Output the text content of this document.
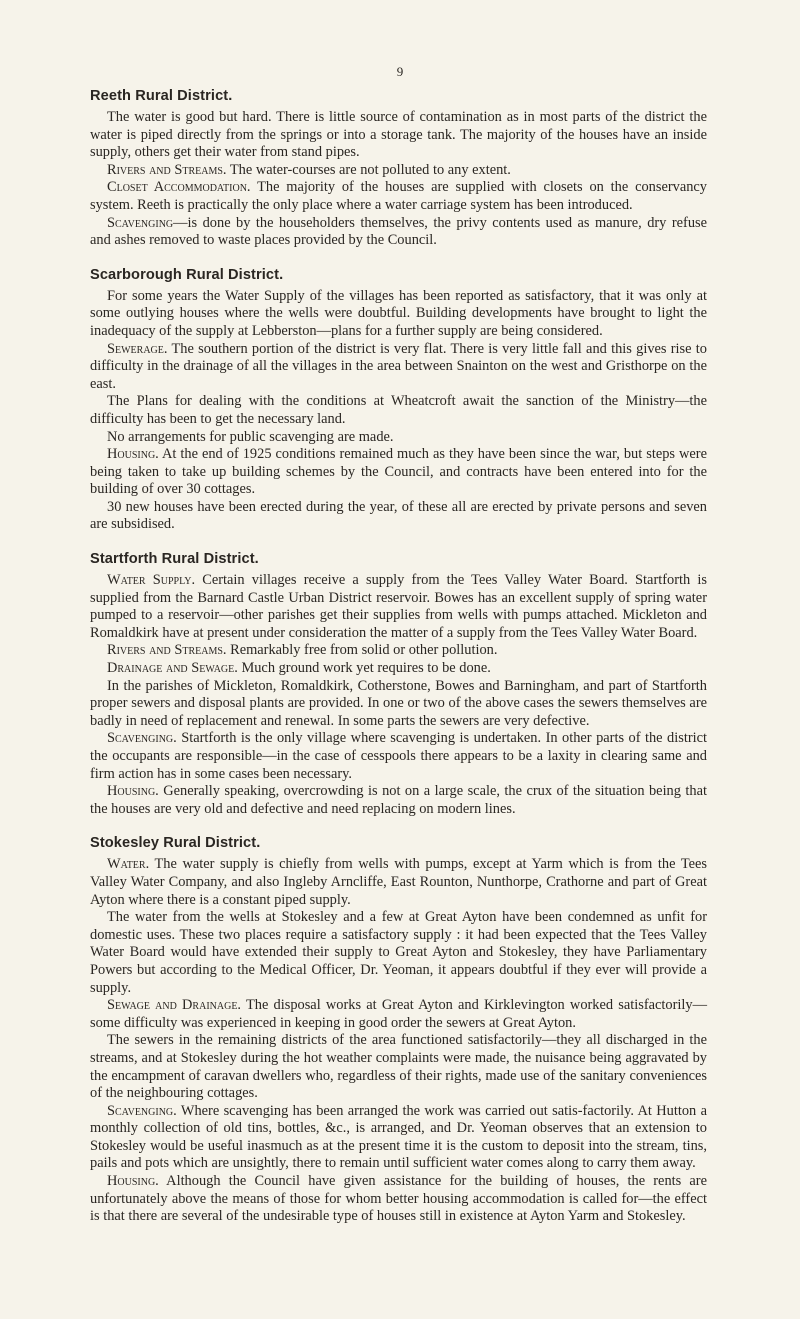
9
Reeth Rural District.

The water is good but hard. There is little source of contamination as in most parts of the district the water is piped directly from the springs or into a storage tank. The majority of the houses have an inside supply, others get their water from stand pipes.

Rivers and Streams. The water-courses are not polluted to any extent.

Closet Accommodation. The majority of the houses are supplied with closets on the conservancy system. Reeth is practically the only place where a water carriage system has been introduced.

Scavenging—is done by the householders themselves, the privy contents used as manure, dry refuse and ashes removed to waste places provided by the Council.

Scarborough Rural District.

For some years the Water Supply of the villages has been reported as satisfactory, that it was only at some outlying houses where the wells were doubtful. Building developments have brought to light the inadequacy of the supply at Lebberston—plans for a further supply are being considered.

Sewerage. The southern portion of the district is very flat. There is very little fall and this gives rise to difficulty in the drainage of all the villages in the area between Snainton on the west and Gristhorpe on the east.

The Plans for dealing with the conditions at Wheatcroft await the sanction of the Ministry—the difficulty has been to get the necessary land.

No arrangements for public scavenging are made.

Housing. At the end of 1925 conditions remained much as they have been since the war, but steps were being taken to take up building schemes by the Council, and contracts have been entered into for the building of over 30 cottages.

30 new houses have been erected during the year, of these all are erected by private persons and seven are subsidised.

Startforth Rural District.

Water Supply. Certain villages receive a supply from the Tees Valley Water Board. Startforth is supplied from the Barnard Castle Urban District reservoir. Bowes has an excellent supply of spring water pumped to a reservoir—other parishes get their supplies from wells with pumps attached. Mickleton and Romaldkirk have at present under consideration the matter of a supply from the Tees Valley Water Board.

Rivers and Streams. Remarkably free from solid or other pollution.

Drainage and Sewage. Much ground work yet requires to be done.

In the parishes of Mickleton, Romaldkirk, Cotherstone, Bowes and Barningham, and part of Startforth proper sewers and disposal plants are provided. In one or two of the above cases the sewers themselves are badly in need of replacement and renewal. In some parts the sewers are very defective.

Scavenging. Startforth is the only village where scavenging is undertaken. In other parts of the district the occupants are responsible—in the case of cesspools there appears to be a laxity in clearing same and firm action has in some cases been necessary.

Housing. Generally speaking, overcrowding is not on a large scale, the crux of the situation being that the houses are very old and defective and need replacing on modern lines.

Stokesley Rural District.

Water. The water supply is chiefly from wells with pumps, except at Yarm which is from the Tees Valley Water Company, and also Ingleby Arncliffe, East Rounton, Nunthorpe, Crathorne and part of Great Ayton where there is a constant piped supply.

The water from the wells at Stokesley and a few at Great Ayton have been condemned as unfit for domestic uses. These two places require a satisfactory supply : it had been expected that the Tees Valley Water Board would have extended their supply to Great Ayton and Stokesley, they have Parliamentary Powers but according to the Medical Officer, Dr. Yeoman, it appears doubtful if they ever will provide a supply.

Sewage and Drainage. The disposal works at Great Ayton and Kirklevington worked satisfactorily—some difficulty was experienced in keeping in good order the sewers at Great Ayton.

The sewers in the remaining districts of the area functioned satisfactorily—they all discharged in the streams, and at Stokesley during the hot weather complaints were made, the nuisance being aggravated by the encampment of caravan dwellers who, regardless of their rights, made use of the sanitary conveniences of the neighbouring cottages.

Scavenging. Where scavenging has been arranged the work was carried out satis-factorily. At Hutton a monthly collection of old tins, bottles, &c., is arranged, and Dr. Yeoman observes that an extension to Stokesley would be useful inasmuch as at the present time it is the custom to deposit into the stream, tins, pails and pots which are unsightly, there to remain until sufficient water comes along to carry them away.

Housing. Although the Council have given assistance for the building of houses, the rents are unfortunately above the means of those for whom better housing accommodation is called for—the effect is that there are several of the undesirable type of houses still in existence at Ayton Yarm and Stokesley.
